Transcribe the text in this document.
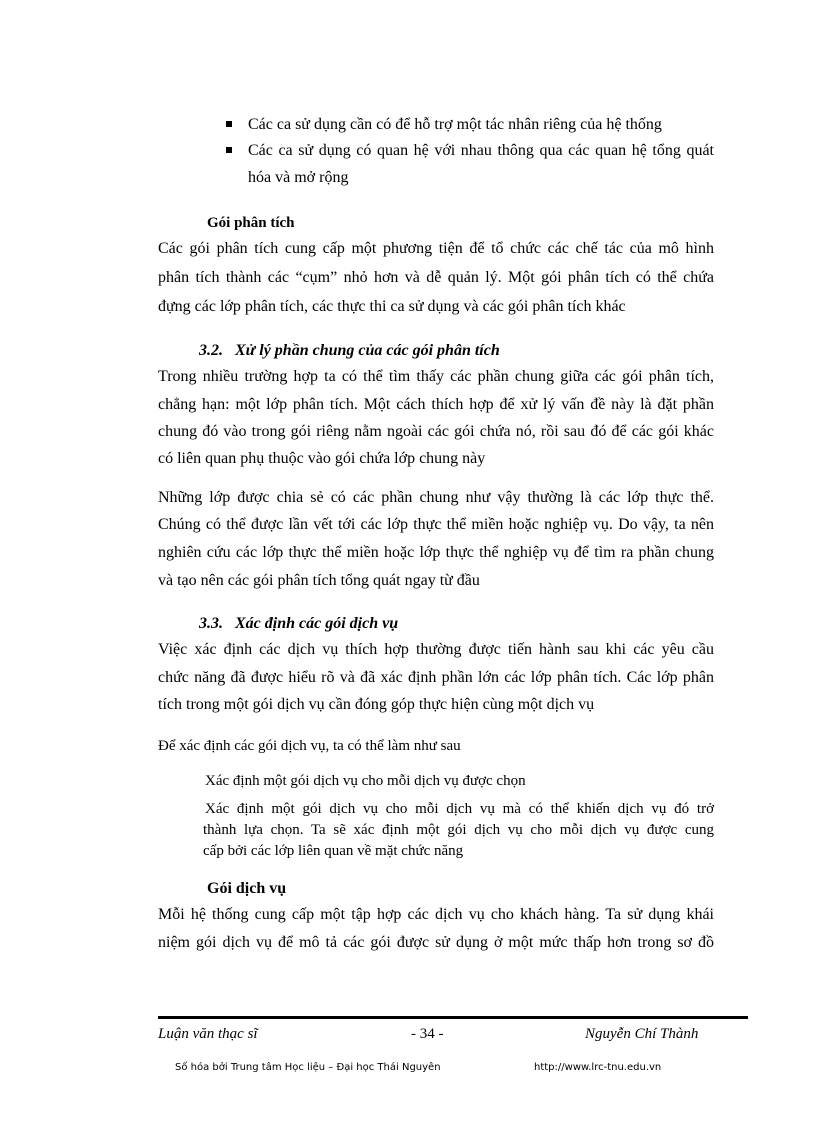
Các ca sử dụng cần có để hỗ trợ một tác nhân riêng của hệ thống
Các ca sử dụng có quan hệ với nhau thông qua các quan hệ tổng quát
hóa và mở rộng
Gói phân tích
Các gói phân tích cung cấp một phương tiện để tổ chức các chế tác của mô hình
phân tích thành các “cụm” nhỏ hơn và dễ quản lý. Một gói phân tích có thể chứa
đựng các lớp phân tích, các thực thi ca sử dụng và các gói phân tích khác
3.2. Xử lý phần chung của các gói phân tích
Trong nhiều trường hợp ta có thể tìm thấy các phần chung giữa các gói phân tích,
chẳng hạn: một lớp phân tích. Một cách thích hợp để xử lý vấn đề này là đặt phần
chung đó vào trong gói riêng nằm ngoài các gói chứa nó, rồi sau đó để các gói khác
có liên quan phụ thuộc vào gói chứa lớp chung này
Những lớp được chia sẻ có các phần chung như vậy thường là các lớp thực thể.
Chúng có thể được lần vết tới các lớp thực thể miền hoặc nghiệp vụ. Do vậy, ta nên
nghiên cứu các lớp thực thể miền hoặc lớp thực thể nghiệp vụ để tìm ra phần chung
và tạo nên các gói phân tích tổng quát ngay từ đầu
3.3. Xác định các gói dịch vụ
Việc xác định các dịch vụ thích hợp thường được tiến hành sau khi các yêu cầu
chức năng đã được hiểu rõ và đã xác định phần lớn các lớp phân tích. Các lớp phân
tích trong một gói dịch vụ cần đóng góp thực hiện cùng một dịch vụ
Để xác định các gói dịch vụ, ta có thể làm như sau
Xác định một gói dịch vụ cho mỗi dịch vụ được chọn
Xác định một gói dịch vụ cho mỗi dịch vụ mà có thể khiến dịch vụ đó trở
thành lựa chọn. Ta sẽ xác định một gói dịch vụ cho mỗi dịch vụ được cung
cấp bởi các lớp liên quan về mặt chức năng
Gói dịch vụ
Mỗi hệ thống cung cấp một tập hợp các dịch vụ cho khách hàng. Ta sử dụng khái
niệm gói dịch vụ để mô tả các gói được sử dụng ở một mức thấp hơn trong sơ đồ
Luận văn thạc sĩ	- 34 -	Nguyễn Chí Thành
Số hóa bởi Trung tâm Học liệu – Đại học Thái Nguyên	http://www.lrc-tnu.edu.vn
